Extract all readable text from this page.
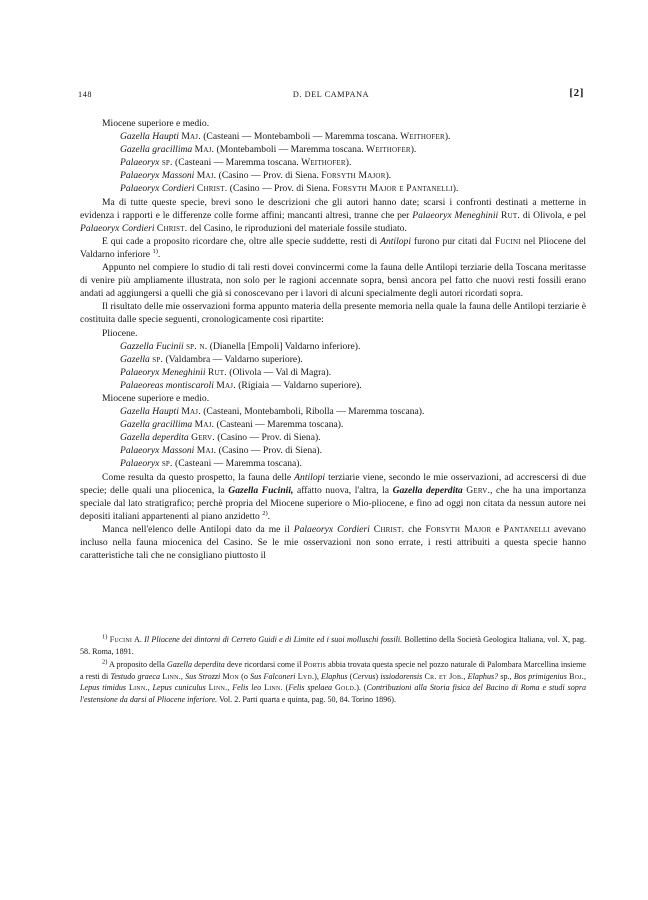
148	D. DEL CAMPANA	[2]
Miocene superiore e medio.
Gazella Haupti Maj. (Casteani — Montebamboli — Maremma toscana. Weithofer).
Gazella gracillima Maj. (Montebamboli — Maremma toscana. Weithofer).
Palaeoryx sp. (Casteani — Maremma toscana. Weithofer).
Palaeoryx Massoni Maj. (Casino — Prov. di Siena. Forsyth Major).
Palaeoryx Cordieri Christ. (Casino — Prov. di Siena. Forsyth Major e Pantanelli).
Ma di tutte queste specie, brevi sono le descrizioni che gli autori hanno date; scarsi i confronti destinati a metterne in evidenza i rapporti e le differenze colle forme affini; mancanti altresì, tranne che per Palaeoryx Meneghinii Rut. di Olivola, e pel Palaeoryx Cordieri Christ. del Casino, le riproduzioni del materiale fossile studiato.
E qui cade a proposito ricordare che, oltre alle specie suddette, resti di Antilopi furono pur citati dal Fucini nel Pliocene del Valdarno inferiore $^{1)}$.
Appunto nel compiere lo studio di tali resti dovei convincermi come la fauna delle Antilopi terziarie della Toscana meritasse di venire più ampliamente illustrata, non solo per le ragioni accennate sopra, bensì ancora pel fatto che nuovi resti fossili erano andati ad aggiungersi a quelli che già si conoscevano per i lavori di alcuni specialmente degli autori ricordati sopra.
Il risultato delle mie osservazioni forma appunto materia della presente memoria nella quale la fauna delle Antilopi terziarie è costituita dalle specie seguenti, cronologicamente così ripartite:
Pliocene.
Gazzella Fucinii sp. n. (Dianella [Empoli] Valdarno inferiore).
Gazella sp. (Valdambra — Valdarno superiore).
Palaeoryx Meneghinii Rut. (Olivola — Val di Magra).
Palaeoreas montiscaroli Maj. (Rigiaia — Valdarno superiore).
Miocene superiore e medio.
Gazella Haupti Maj. (Casteani, Montebamboli, Ribolla — Maremma toscana).
Gazella gracillima Maj. (Casteani — Maremma toscana).
Gazella deperdita Gerv. (Casino — Prov. di Siena).
Palaeoryx Massoni Maj. (Casino — Prov. di Siena).
Palaeoryx sp. (Casteani — Maremma toscana).
Come resulta da questo prospetto, la fauna delle Antilopi terziarie viene, secondo le mie osservazioni, ad accrescersi di due specie; delle quali una pliocenica, la Gazella Fucinii, affatto nuova, l'altra, la Gazella deperdita Gerv., che ha una importanza speciale dal lato stratigrafico; perchè propria del Miocene superiore o Mio-pliocene, e fino ad oggi non citata da nessun autore nei depositi italiani appartenenti al piano anzidetto $^{2)}$.
Manca nell'elenco delle Antilopi dato da me il Palaeoryx Cordieri Christ. che Forsyth Major e Pantanelli avevano incluso nella fauna miocenica del Casino. Se le mie osservazioni non sono errate, i resti attribuiti a questa specie hanno caratteristiche tali che ne consigliano piuttosto il
$^{1)}$ Fucini A. Il Pliocene dei dintorni di Cerreto Guidi e di Limite ed i suoi molluschi fossili. Bollettino della Società Geologica Italiana, vol. X, pag. 58. Roma, 1891.
$^{2)}$ A proposito della Gazella deperdita deve ricordarsi come il Portis abbia trovata questa specie nel pozzo naturale di Palombara Marcellina insieme a resti di Testudo graeca Linn., Sus Strozzi Mon (o Sus Falconeri Lyd.), Elaphus (Cervus) issiodorensis Cr. et Job., Elaphus? sp., Bos primigenius Boj., Lepus timidus Linn., Lepus cuniculus Linn., Felis leo Linn. (Felis spelaea Gold.). (Contribuzioni alla Storia fisica del Bacino di Roma e studi sopra l'estensione da darsi al Pliocene inferiore. Vol. 2. Parti quarta e quinta, pag. 50, 84. Torino 1896).
